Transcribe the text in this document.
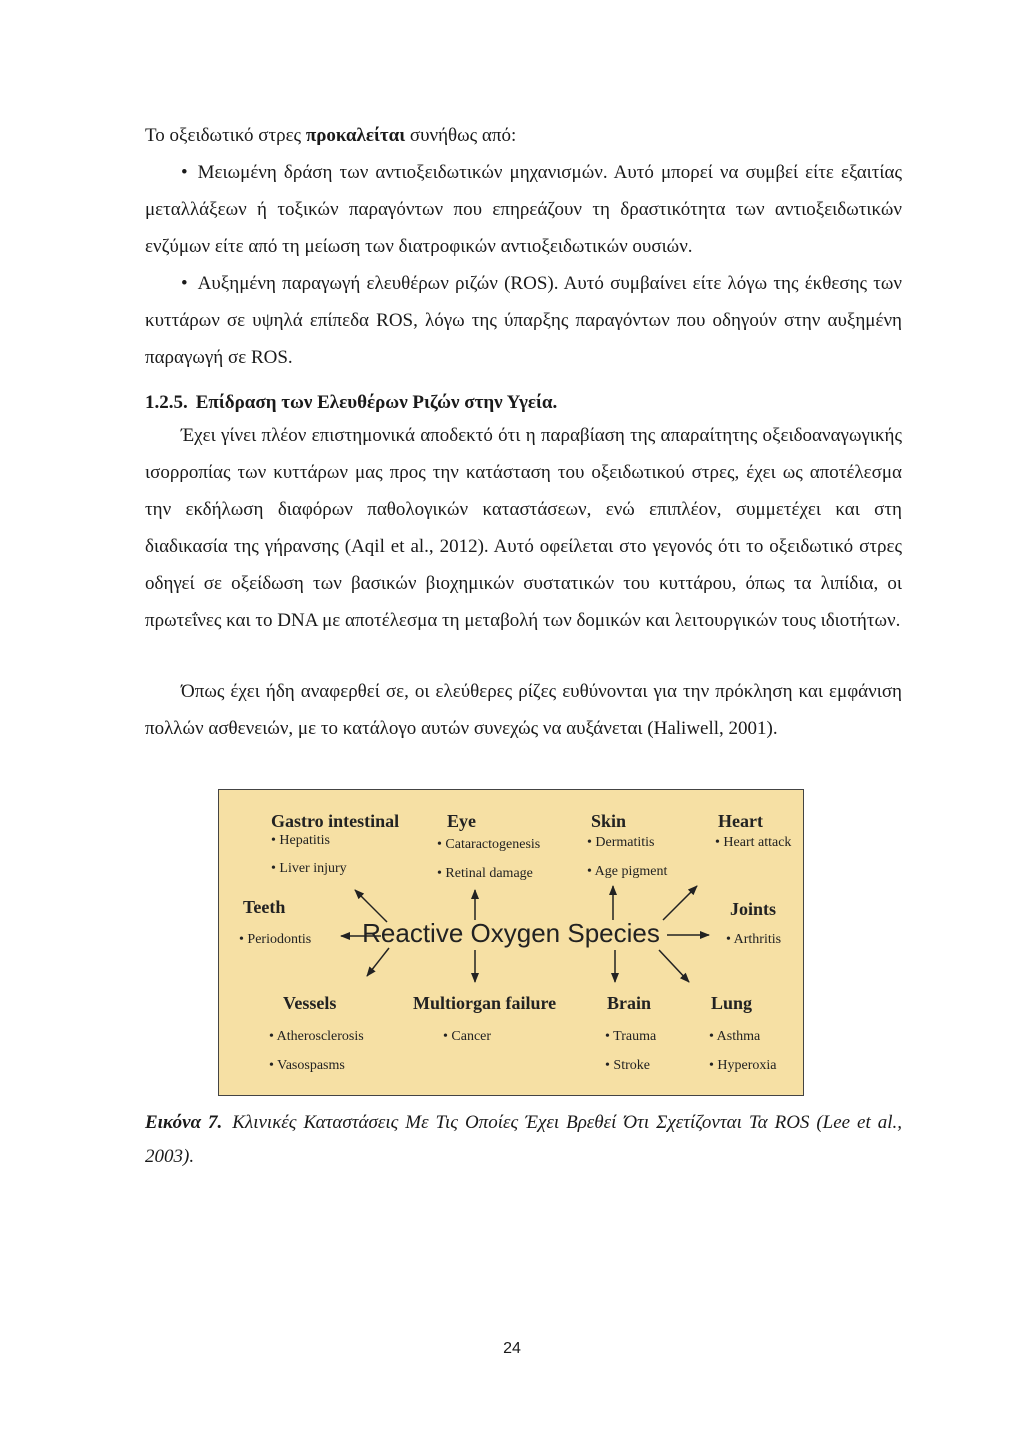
Το οξειδωτικό στρες προκαλείται συνήθως από:
• Μειωμένη δράση των αντιοξειδωτικών μηχανισμών. Αυτό μπορεί να συμβεί είτε εξαιτίας μεταλλάξεων ή τοξικών παραγόντων που επηρεάζουν τη δραστικότητα των αντιοξειδωτικών ενζύμων είτε από τη μείωση των διατροφικών αντιοξειδωτικών ουσιών.
• Αυξημένη παραγωγή ελευθέρων ριζών (ROS). Αυτό συμβαίνει είτε λόγω της έκθεσης των κυττάρων σε υψηλά επίπεδα ROS, λόγω της ύπαρξης παραγόντων που οδηγούν στην αυξημένη παραγωγή σε ROS.
1.2.5. Επίδραση των Ελευθέρων Ριζών στην Υγεία.
Έχει γίνει πλέον επιστημονικά αποδεκτό ότι η παραβίαση της απαραίτητης οξειδοαναγωγικής ισορροπίας των κυττάρων μας προς την κατάσταση του οξειδωτικού στρες, έχει ως αποτέλεσμα την εκδήλωση διαφόρων παθολογικών καταστάσεων, ενώ επιπλέον, συμμετέχει και στη διαδικασία της γήρανσης (Aqil et al., 2012). Αυτό οφείλεται στο γεγονός ότι το οξειδωτικό στρες οδηγεί σε οξείδωση των βασικών βιοχημικών συστατικών του κυττάρου, όπως τα λιπίδια, οι πρωτεΐνες και το DNA με αποτέλεσμα τη μεταβολή των δομικών και λειτουργικών τους ιδιοτήτων.
Όπως έχει ήδη αναφερθεί σε, οι ελεύθερες ρίζες ευθύνονται για την πρόκληση και εμφάνιση πολλών ασθενειών, με το κατάλογο αυτών συνεχώς να αυξάνεται (Haliwell, 2001).
Gastro intestinal
• Hepatitis
• Liver injury
Eye
• Cataractogenesis
• Retinal damage
Skin
• Dermatitis
• Age pigment
Heart
• Heart attack
Teeth
• Periodontis
Joints
• Arthritis
Reactive Oxygen Species
Vessels
• Atherosclerosis
• Vasospasms
Multiorgan failure
• Cancer
Brain
• Trauma
• Stroke
Lung
• Asthma
• Hyperoxia
Εικόνα 7. Κλινικές Καταστάσεις Με Τις Οποίες Έχει Βρεθεί Ότι Σχετίζονται Τα ROS (Lee et al., 2003).
24
